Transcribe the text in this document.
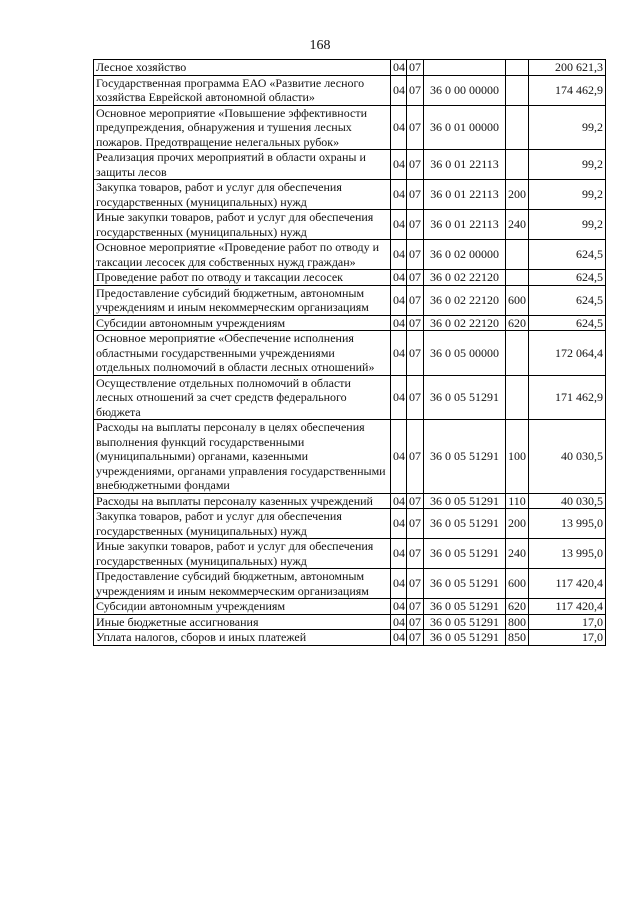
168
Лесное хозяйство	04	07			200 621,3
Государственная программа ЕАО «Развитие лесного хозяйства Еврейской автономной области»	04	07	36 0 00 00000		174 462,9
Основное мероприятие «Повышение эффективности предупреждения, обнаружения и тушения лесных пожаров. Предотвращение нелегальных рубок»	04	07	36 0 01 00000		99,2
Реализация прочих мероприятий в области охраны и защиты лесов	04	07	36 0 01 22113		99,2
Закупка товаров, работ и услуг для обеспечения государственных (муниципальных) нужд	04	07	36 0 01 22113	200	99,2
Иные закупки товаров, работ и услуг для обеспечения государственных (муниципальных) нужд	04	07	36 0 01 22113	240	99,2
Основное мероприятие «Проведение работ по отводу и таксации лесосек для собственных нужд граждан»	04	07	36 0 02 00000		624,5
Проведение работ по отводу и таксации лесосек	04	07	36 0 02 22120		624,5
Предоставление субсидий бюджетным, автономным учреждениям и иным некоммерческим организациям	04	07	36 0 02 22120	600	624,5
Субсидии автономным учреждениям	04	07	36 0 02 22120	620	624,5
Основное мероприятие «Обеспечение исполнения областными государственными учреждениями отдельных полномочий в области лесных отношений»	04	07	36 0 05 00000		172 064,4
Осуществление отдельных полномочий в области лесных отношений за счет средств федерального бюджета	04	07	36 0 05 51291		171 462,9
Расходы на выплаты персоналу в целях обеспечения выполнения функций государственными (муниципальными) органами, казенными учреждениями, органами управления государственными внебюджетными фондами	04	07	36 0 05 51291	100	40 030,5
Расходы на выплаты персоналу казенных учреждений	04	07	36 0 05 51291	110	40 030,5
Закупка товаров, работ и услуг для обеспечения государственных (муниципальных) нужд	04	07	36 0 05 51291	200	13 995,0
Иные закупки товаров, работ и услуг для обеспечения государственных (муниципальных) нужд	04	07	36 0 05 51291	240	13 995,0
Предоставление субсидий бюджетным, автономным учреждениям и иным некоммерческим организациям	04	07	36 0 05 51291	600	117 420,4
Субсидии автономным учреждениям	04	07	36 0 05 51291	620	117 420,4
Иные бюджетные ассигнования	04	07	36 0 05 51291	800	17,0
Уплата налогов, сборов и иных платежей	04	07	36 0 05 51291	850	17,0
